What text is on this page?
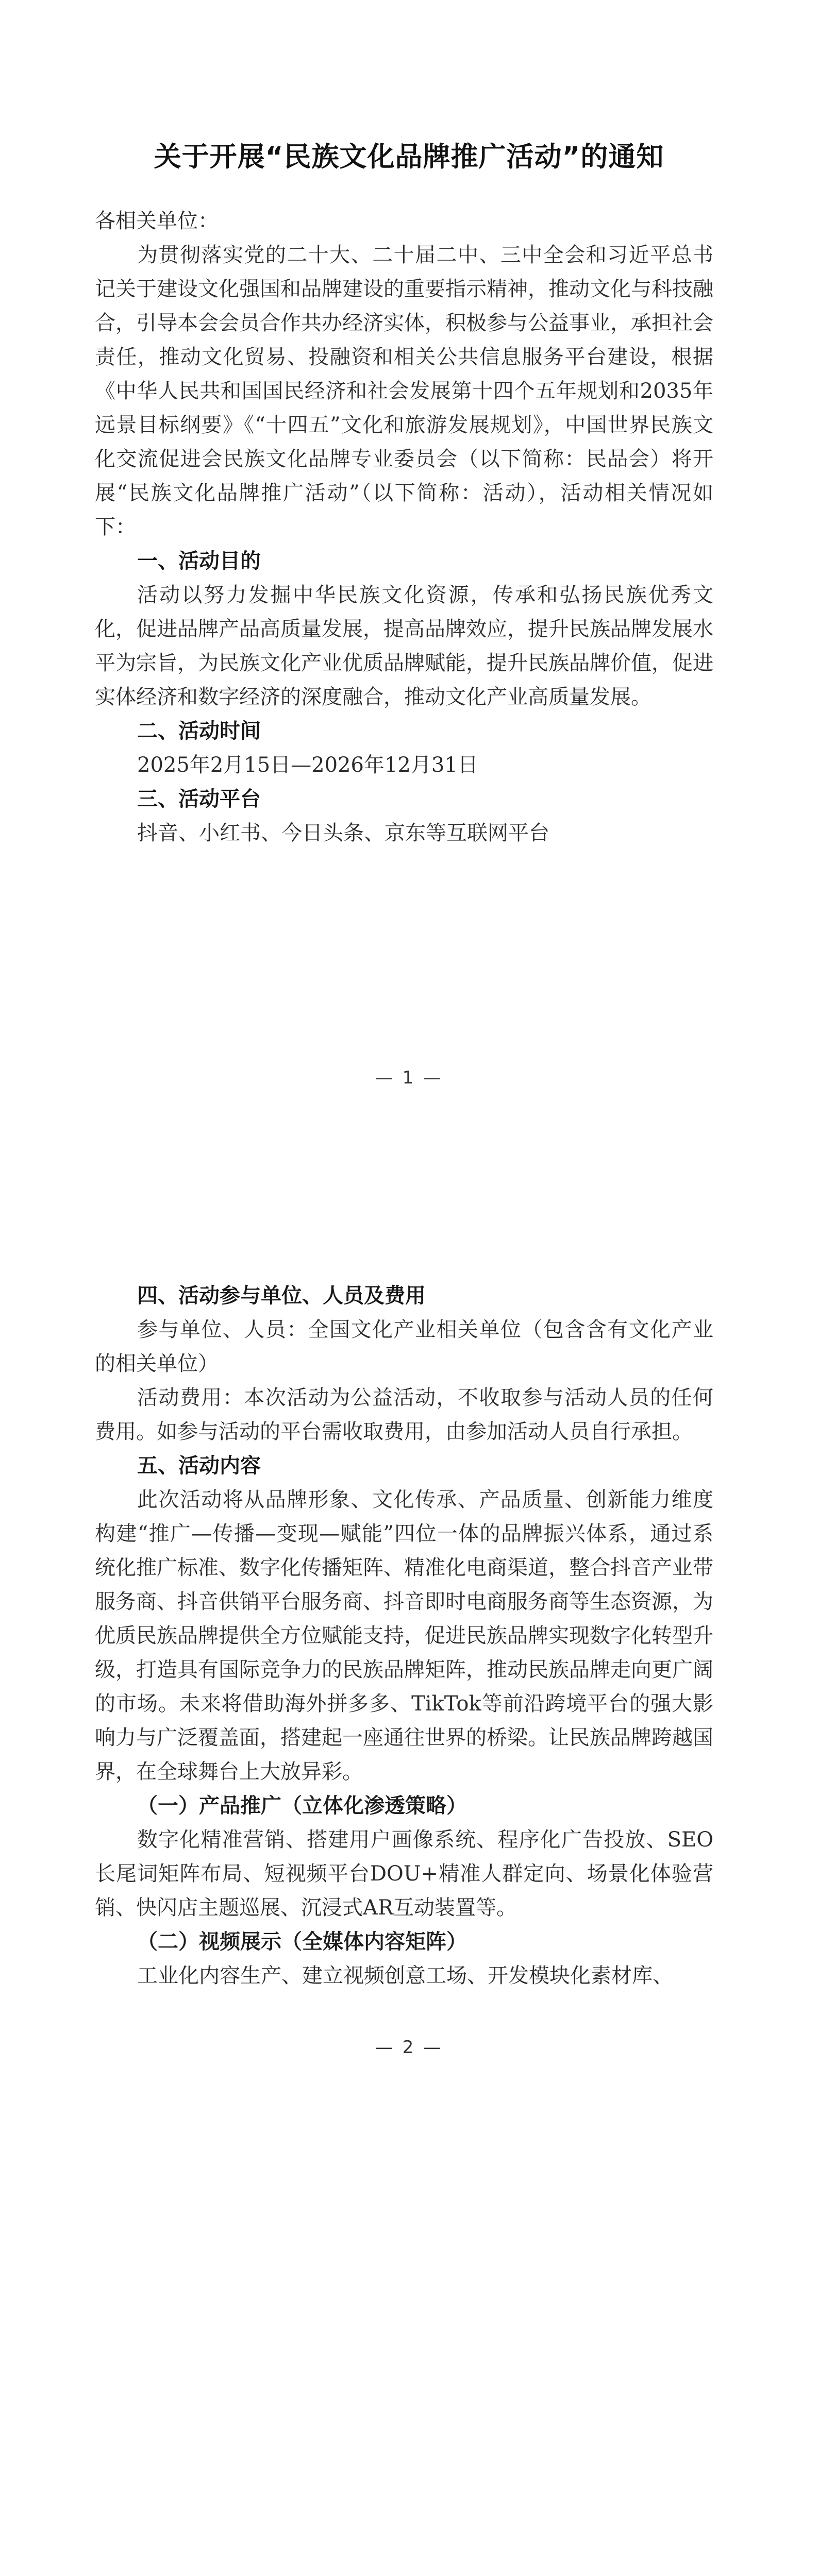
关于开展“民族文化品牌推广活动”的通知

各相关单位：

为贯彻落实党的二十大、二十届二中、三中全会和习近平总书记关于建设文化强国和品牌建设的重要指示精神，推动文化与科技融合，引导本会会员合作共办经济实体，积极参与公益事业，承担社会责任，推动文化贸易、投融资和相关公共信息服务平台建设，根据《中华人民共和国国民经济和社会发展第十四个五年规划和2035年远景目标纲要》《“十四五”文化和旅游发展规划》，中国世界民族文化交流促进会民族文化品牌专业委员会（以下简称：民品会）将开展“民族文化品牌推广活动”（以下简称：活动），活动相关情况如下：

一、活动目的

活动以努力发掘中华民族文化资源，传承和弘扬民族优秀文化，促进品牌产品高质量发展，提高品牌效应，提升民族品牌发展水平为宗旨，为民族文化产业优质品牌赋能，提升民族品牌价值，促进实体经济和数字经济的深度融合，推动文化产业高质量发展。

二、活动时间

2025年2月15日—2026年12月31日

三、活动平台

抖音、小红书、今日头条、京东等互联网平台

— 1 —

四、活动参与单位、人员及费用

参与单位、人员：全国文化产业相关单位（包含含有文化产业的相关单位）

活动费用：本次活动为公益活动，不收取参与活动人员的任何费用。如参与活动的平台需收取费用，由参加活动人员自行承担。

五、活动内容

此次活动将从品牌形象、文化传承、产品质量、创新能力维度构建“推广—传播—变现—赋能”四位一体的品牌振兴体系，通过系统化推广标准、数字化传播矩阵、精准化电商渠道，整合抖音产业带服务商、抖音供销平台服务商、抖音即时电商服务商等生态资源，为优质民族品牌提供全方位赋能支持，促进民族品牌实现数字化转型升级，打造具有国际竞争力的民族品牌矩阵，推动民族品牌走向更广阔的市场。未来将借助海外拼多多、TikTok等前沿跨境平台的强大影响力与广泛覆盖面，搭建起一座通往世界的桥梁。让民族品牌跨越国界，在全球舞台上大放异彩。

（一）产品推广（立体化渗透策略）

数字化精准营销、搭建用户画像系统、程序化广告投放、SEO长尾词矩阵布局、短视频平台DOU+精准人群定向、场景化体验营销、快闪店主题巡展、沉浸式AR互动装置等。

（二）视频展示（全媒体内容矩阵）

工业化内容生产、建立视频创意工场、开发模块化素材库、

— 2 —
